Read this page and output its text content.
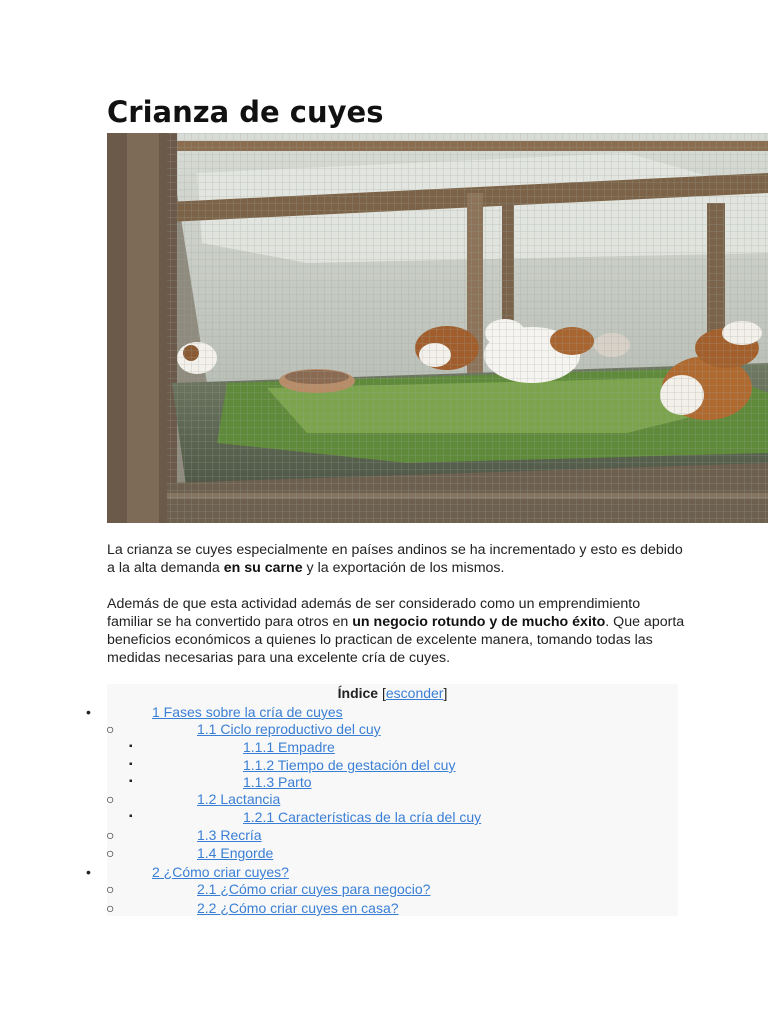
Crianza de cuyes

La crianza se cuyes especialmente en países andinos se ha incrementado y esto es debido a la alta demanda en su carne y la exportación de los mismos.

Además de que esta actividad además de ser considerado como un emprendimiento familiar se ha convertido para otros en un negocio rotundo y de mucho éxito. Que aporta beneficios económicos a quienes lo practican de excelente manera, tomando todas las medidas necesarias para una excelente cría de cuyes.

Índice [esconder]
•	1 Fases sobre la cría de cuyes
○	1.1 Ciclo reproductivo del cuy
▪	1.1.1 Empadre
▪	1.1.2 Tiempo de gestación del cuy
▪	1.1.3 Parto
○	1.2 Lactancia
▪	1.2.1 Características de la cría del cuy
○	1.3 Recría
○	1.4 Engorde
•	2 ¿Cómo criar cuyes?
○	2.1 ¿Cómo criar cuyes para negocio?
○	2.2 ¿Cómo criar cuyes en casa?
